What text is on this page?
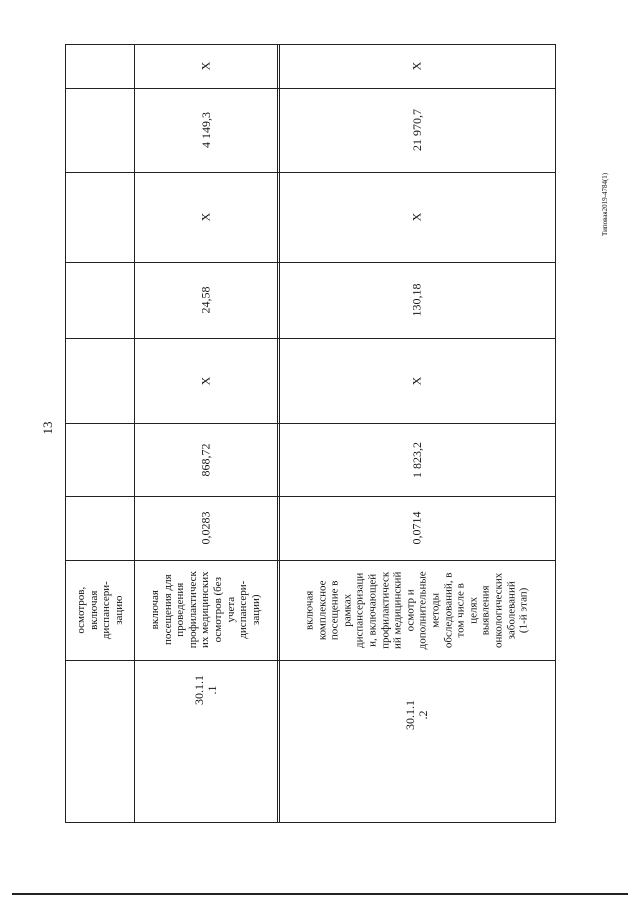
13
Типовая2019-4784(1)
осмотров,
включая
диспансери-
зацию
30.1.1
.1
включая
посещения для
проведения
профилактическ
их медицинских
осмотров (без
учета
диспансери-
зации)
0,0283
868,72
Х
24,58
Х
4 149,3
Х
30.1.1
.2
включая
комплексное
посещение в
рамках
диспансеризаци
и, включающей
профилактическ
ий медицинский
осмотр и
дополнительные
методы
обследований, в
том числе в
целях
выявления
онкологических
заболеваний
(1-й этап)
0,0714
1 823,2
Х
130,18
Х
21 970,7
Х
